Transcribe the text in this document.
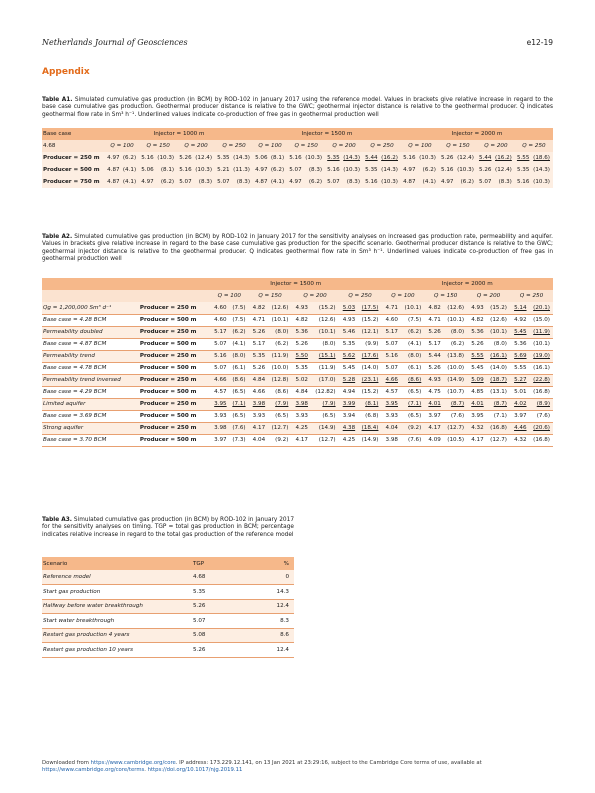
Netherlands Journal of Geosciences	e12-19
Appendix
Table A1. Simulated cumulative gas production (in BCM) by ROD-102 in January 2017 using the reference model. Values in brackets give relative increase in regard to the base case cumulative gas production. Geothermal producer distance is relative to the GWC; geothermal injector distance is relative to the geothermal producer. Q indicates geothermal flow rate in Sm³ h⁻¹. Underlined values indicate co-production of free gas in geothermal production well
Base case	Injector = 1000 m								Injector = 1500 m								Injector = 2000 m							
4.68	Q = 100		Q = 150		Q = 200		Q = 250		Q = 100		Q = 150		Q = 200		Q = 250		Q = 100		Q = 150		Q = 200		Q = 250	
Producer = 250 m	4.97	(6.2)	5.16	(10.3)	5.26	(12.4)	5.35	(14.3)	5.06	(8.1)	5.16	(10.3)	5.35	(14.3)	5.44	(16.2)	5.16	(10.3)	5.26	(12.4)	5.44	(16.2)	5.55	(18.6)
Producer = 500 m	4.87	(4.1)	5.06	(8.1)	5.16	(10.3)	5.21	(11.3)	4.97	(6.2)	5.07	(8.3)	5.16	(10.3)	5.35	(14.3)	4.97	(6.2)	5.16	(10.3)	5.26	(12.4)	5.35	(14.3)
Producer = 750 m	4.87	(4.1)	4.97	(6.2)	5.07	(8.3)	5.07	(8.3)	4.87	(4.1)	4.97	(6.2)	5.07	(8.3)	5.16	(10.3)	4.87	(4.1)	4.97	(6.2)	5.07	(8.3)	5.16	(10.3)
Table A2. Simulated cumulative gas production (in BCM) by ROD-102 in January 2017 for the sensitivity analyses on increased gas production rate, permeability and aquifer. Values in brackets give relative increase in regard to the base case cumulative gas production for the specific scenario. Geothermal producer distance is relative to the GWC; geothermal injector distance is relative to the geothermal producer. Q indicates geothermal flow rate in Sm³ h⁻¹. Underlined values indicate co-production of free gas in geothermal production well
		Injector = 1500 m								Injector = 2000 m							
		Q = 100		Q = 150		Q = 200		Q = 250		Q = 100		Q = 150		Q = 200		Q = 250	
Qg = 1,200,000 Sm³ d⁻¹	Producer = 250 m	4.60	(7.5)	4.82	(12.6)	4.93	(15.2)	5.03	(17.5)	4.71	(10.1)	4.82	(12.6)	4.93	(15.2)	5.14	(20.1)
Base case = 4.28 BCM	Producer = 500 m	4.60	(7.5)	4.71	(10.1)	4.82	(12.6)	4.93	(15.2)	4.60	(7.5)	4.71	(10.1)	4.82	(12.6)	4.92	(15.0)
Permeability doubled	Producer = 250 m	5.17	(6.2)	5.26	(8.0)	5.36	(10.1)	5.46	(12.1)	5.17	(6.2)	5.26	(8.0)	5.36	(10.1)	5.45	(11.9)
Base case = 4.87 BCM	Producer = 500 m	5.07	(4.1)	5.17	(6.2)	5.26	(8.0)	5.35	(9.9)	5.07	(4.1)	5.17	(6.2)	5.26	(8.0)	5.36	(10.1)
Permeability trend	Producer = 250 m	5.16	(8.0)	5.35	(11.9)	5.50	(15.1)	5.62	(17.6)	5.16	(8.0)	5.44	(13.8)	5.55	(16.1)	5.69	(19.0)
Base case = 4.78 BCM	Producer = 500 m	5.07	(6.1)	5.26	(10.0)	5.35	(11.9)	5.45	(14.0)	5.07	(6.1)	5.26	(10.0)	5.45	(14.0)	5.55	(16.1)
Permeability trend inversed	Producer = 250 m	4.66	(8.6)	4.84	(12.8)	5.02	(17.0)	5.28	(23.1)	4.66	(8.6)	4.93	(14.9)	5.09	(18.7)	5.27	(22.8)
Base case = 4.29 BCM	Producer = 500 m	4.57	(6.5)	4.66	(8.6)	4.84	(12.82)	4.94	(15.2)	4.57	(6.5)	4.75	(10.7)	4.85	(13.1)	5.01	(16.8)
Limited aquifer	Producer = 250 m	3.95	(7.1)	3.98	(7.9)	3.98	(7.9)	3.99	(8.1)	3.95	(7.1)	4.01	(8.7)	4.01	(8.7)	4.02	(8.9)
Base case = 3.69 BCM	Producer = 500 m	3.93	(6.5)	3.93	(6.5)	3.93	(6.5)	3.94	(6.8)	3.93	(6.5)	3.97	(7.6)	3.95	(7.1)	3.97	(7.6)
Strong aquifer	Producer = 250 m	3.98	(7.6)	4.17	(12.7)	4.25	(14.9)	4.38	(18.4)	4.04	(9.2)	4.17	(12.7)	4.32	(16.8)	4.46	(20.6)
Base case = 3.70 BCM	Producer = 500 m	3.97	(7.3)	4.04	(9.2)	4.17	(12.7)	4.25	(14.9)	3.98	(7.6)	4.09	(10.5)	4.17	(12.7)	4.32	(16.8)
Table A3. Simulated cumulative gas production (in BCM) by ROD-102 in January 2017 for the sensitivity analyses on timing. TGP = total gas production in BCM; percentage indicates relative increase in regard to the total gas production of the reference model
Scenario	TGP	%
Reference model	4.68	0
Start gas production	5.35	14.3
Halfway before water breakthrough	5.26	12.4
Start water breakthrough	5.07	8.3
Restart gas production 4 years	5.08	8.6
Restart gas production 10 years	5.26	12.4
Downloaded from https://www.cambridge.org/core. IP address: 173.229.12.141, on 13 Jan 2021 at 23:29:16, subject to the Cambridge Core terms of use, available at
https://www.cambridge.org/core/terms. https://doi.org/10.1017/njg.2019.11
